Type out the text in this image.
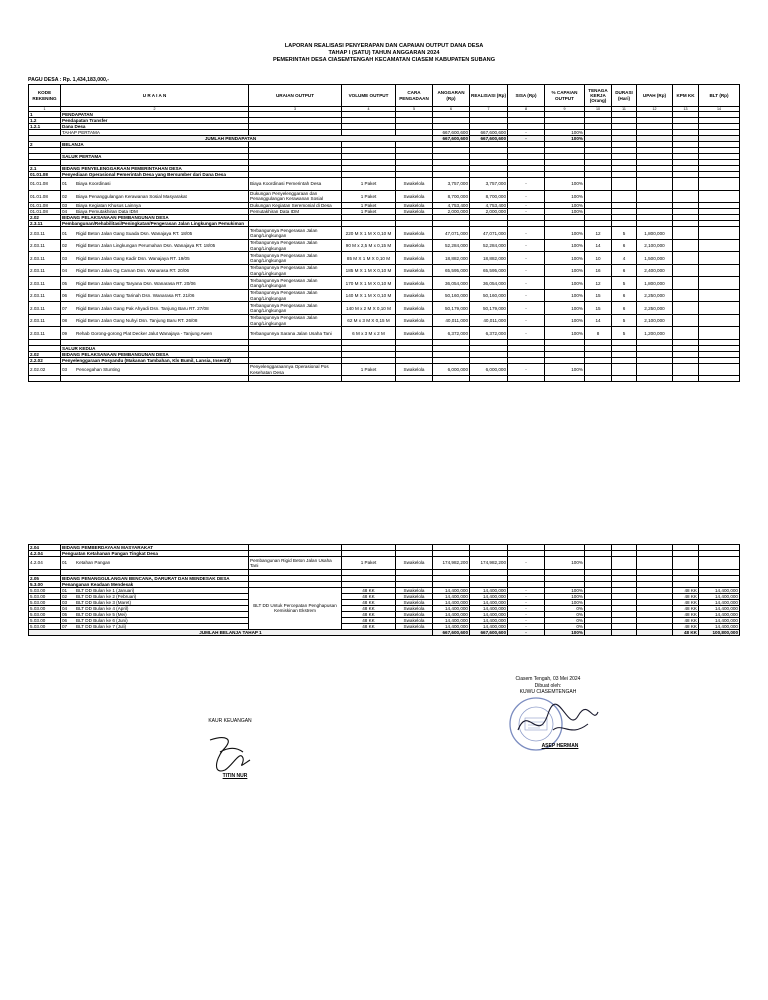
LAPORAN REALISASI PENYERAPAN DAN CAPAIAN OUTPUT DANA DESA
TAHAP I (SATU) TAHUN ANGGARAN 2024
PEMERINTAH DESA CIASEMTENGAH KECAMATAN CIASEM KABUPATEN SUBANG
PAGU DESA : Rp. 1,434,183,000,-
KODE REKENING	U R A I A N	URAIAN OUTPUT	VOLUME OUTPUT	CARA PENGADAAN	ANGGARAN (Rp)	REALISASI (Rp)	SISA (Rp)	% CAPAIAN OUTPUT	TENAGA KERJA (Orang)	DURASI (Hari)	UPAH (Rp)	KPM KK	BLT (Rp)
1	2	3	4	5	6	7	8	9	10	11	12	13	14
1	PENDAPATAN												
1.2	Pendapatan Transfer												
1.2.1	Dana Desa												
	TAHAP PERTAMA				667,600,600	667,600,600	-	100%					
JUMLAH PENDAPATAN					667,600,600	667,600,600	-	100%					
2	BELANJA												

	SALUR PERTAMA												

2.1	BIDANG PENYELENGGARAAN PEMERINTAHAN DESA												
01.01.08	Penyediaan Operasional Pemerintah Desa yang Bersumber dari Dana Desa												
01.01.08	01 Biaya Koordinasi	Biaya Koordinasi Pemerintah Desa	1 Paket	Swakelola	3,757,000	3,757,000	-	100%					
01.01.08	02 Biaya Penanggulangan Kerawanan Sosial Masyarakat	Dukungan Penyelenggaraan dan Penanggulangan Kerawanan Sosial	1 Paket	Swakelola	8,700,000	8,700,000	-	100%					
01.01.08	03 Biaya Kegiatan Khusus Lainnya	Dukungan Kegiatan Seremonial di Desa	1 Paket	Swakelola	4,753,400	4,753,400	-	100%					
01.01.08	04 Biaya Pemutakhiran Data IDM	Pemutakhiran Data IDM	1 Paket	Swakelola	2,000,000	2,000,000	-	100%					
2.02	BIDANG PELAKSANAAN PEMBANGUNAN DESA												
2.3.11	Pembangunan/Rehabilitasi/Peningkatan/Pengerasan Jalan Lingkungan Pemukiman												
2.03.11	01 Rigid Beton Jalan Gang Suada Dsn. Wanajaya RT. 18/05	Terbangunnya Pengerasan Jalan Gang/Lingkungan	220 M X 1 M X 0,10 M	Swakelola	47,071,000	47,071,000	-	100%	12	5	1,800,000		
2.03.11	02 Rigid Beton Jalan Lingkungan Perumahan Dsn. Wanajaya RT. 18/05	Terbangunnya Pengerasan Jalan Gang/Lingkungan	90 M x 2,5 M x 0,15 M	Swakelola	52,284,000	52,284,000	-	100%	14	6	2,100,000		
2.03.11	03 Rigid Beton Jalan Gang Kadir Dsn. Wanajaya RT. 19/05	Terbangunnya Pengerasan Jalan Gang/Lingkungan	85 M X 1 M X 0,10 M	Swakelola	18,882,000	18,882,000	-	100%	10	4	1,500,000		
2.03.11	04 Rigid Beton Jalan Gg Caman Dsn. Wanarasa RT. 20/06	Terbangunnya Pengerasan Jalan Gang/Lingkungan	185 M X 1 M X 0,10 M	Swakelola	65,595,000	65,595,000	-	100%	16	6	2,400,000		
2.03.11	05 Rigid Beton Jalan Gang Taryana Dsn. Wanarasa RT. 20/06	Terbangunnya Pengerasan Jalan Gang/Lingkungan	170 M X 1 M X 0,10 M	Swakelola	36,054,000	36,054,000	-	100%	12	5	1,800,000		
2.03.11	06 Rigid Beton Jalan Gang Tarinah Dsn. Wanarasa RT. 21/06	Terbangunnya Pengerasan Jalan Gang/Lingkungan	140 M X 1 M X 0,10 M	Swakelola	50,160,000	50,160,000	-	100%	15	6	2,250,000		
2.03.11	07 Rigid Beton Jalan Gang Pak Ahyadi Dsn. Tanjung Baru RT. 27/08	Terbangunnya Pengerasan Jalan Gang/Lingkungan	140 M x 2 M X 0,10 M	Swakelola	50,179,000	50,179,000	-	100%	15	6	2,250,000		
2.03.11	08 Rigid Beton Jalan Gang Nuhyi Dsn. Tanjung Baru RT. 26/08	Terbangunnya Pengerasan Jalan Gang/Lingkungan	62 M x 3 M X 0,15 M	Swakelola	40,011,000	40,011,000	-	100%	14	5	2,100,000		
2.03.11	09 Rehab Gorong-gorong Plat Decker Jalut Wanajaya - Tanjung Awen	Terbangunnya Sarana Jalan Usaha Tani	6 M x 3 M x 2 M	Swakelola	6,372,000	6,372,000	-	100%	8	5	1,200,000		

	SALUR KEDUA												
2.02	BIDANG PELAKSANAAN PEMBANGUNAN DESA												
2.2.02	Penyelenggaraan Posyandu (Makanan Tambahan, Kls Bumil, Lansia, Insentif)												
2.02.02	03 Pencegahan Stunting	Penyelenggaraannya Operasional Pos Kesehatan Desa	1 Paket	Swakelola	6,000,000	6,000,000	-	100%					

2.04	BIDANG PEMBERDAYAAN MASYARAKAT												
4.2.04	Penguatan Ketahanan Pangan Tingkat Desa												
4.2.04	01 Ketahan Pangan	Pembangunan Rigid Beton Jalan Usaha Tani	1 Paket	Swakelola	174,982,200	174,982,200	-	100%					

2.05	BIDANG PENANGGULANGAN BENCANA, DARURAT DAN MENDESAK DESA												
5.3.00	Penanganan Keadaan Mendesak												
5.03.00	01 BLT DD Bulan ke 1 (Januari)	BLT DD Untuk Percepatan Penghapusan Kemiskinan Ekstrem	48 KK	Swakelola	14,400,000	14,400,000	-	100%				48 KK	14,400,000
5.03.00	02 BLT DD Bulan ke 2 (Februari)		48 KK	Swakelola	14,400,000	14,400,000	-	100%				48 KK	14,400,000
5.03.00	03 BLT DD Bulan ke 3 (Maret)		48 KK	Swakelola	14,400,000	14,400,000	-	100%				48 KK	14,400,000
5.03.00	04 BLT DD Bulan ke 4 (April)		48 KK	Swakelola	14,400,000	14,400,000	-	0%				48 KK	14,400,000
5.03.00	05 BLT DD Bulan ke 5 (Mei)		48 KK	Swakelola	14,400,000	14,400,000	-	0%				48 KK	14,400,000
5.03.00	06 BLT DD Bulan ke 6 (Juni)		48 KK	Swakelola	14,400,000	14,400,000	-	0%				48 KK	14,400,000
5.03.00	07 BLT DD Bulan ke 7 (Juli)		48 KK	Swakelola	14,400,000	14,400,000	-	0%				48 KK	14,400,000
JUMLAH BELANJA TAHAP 1					667,600,600	667,600,600	-	100%				48 KK	100,800,000
Ciasem Tengah, 03 Mei 2024
Dibuat oleh:
KUWU CIASEMTENGAH
KAUR KEUANGAN
ASEP HERMAN
TITIN NUR
